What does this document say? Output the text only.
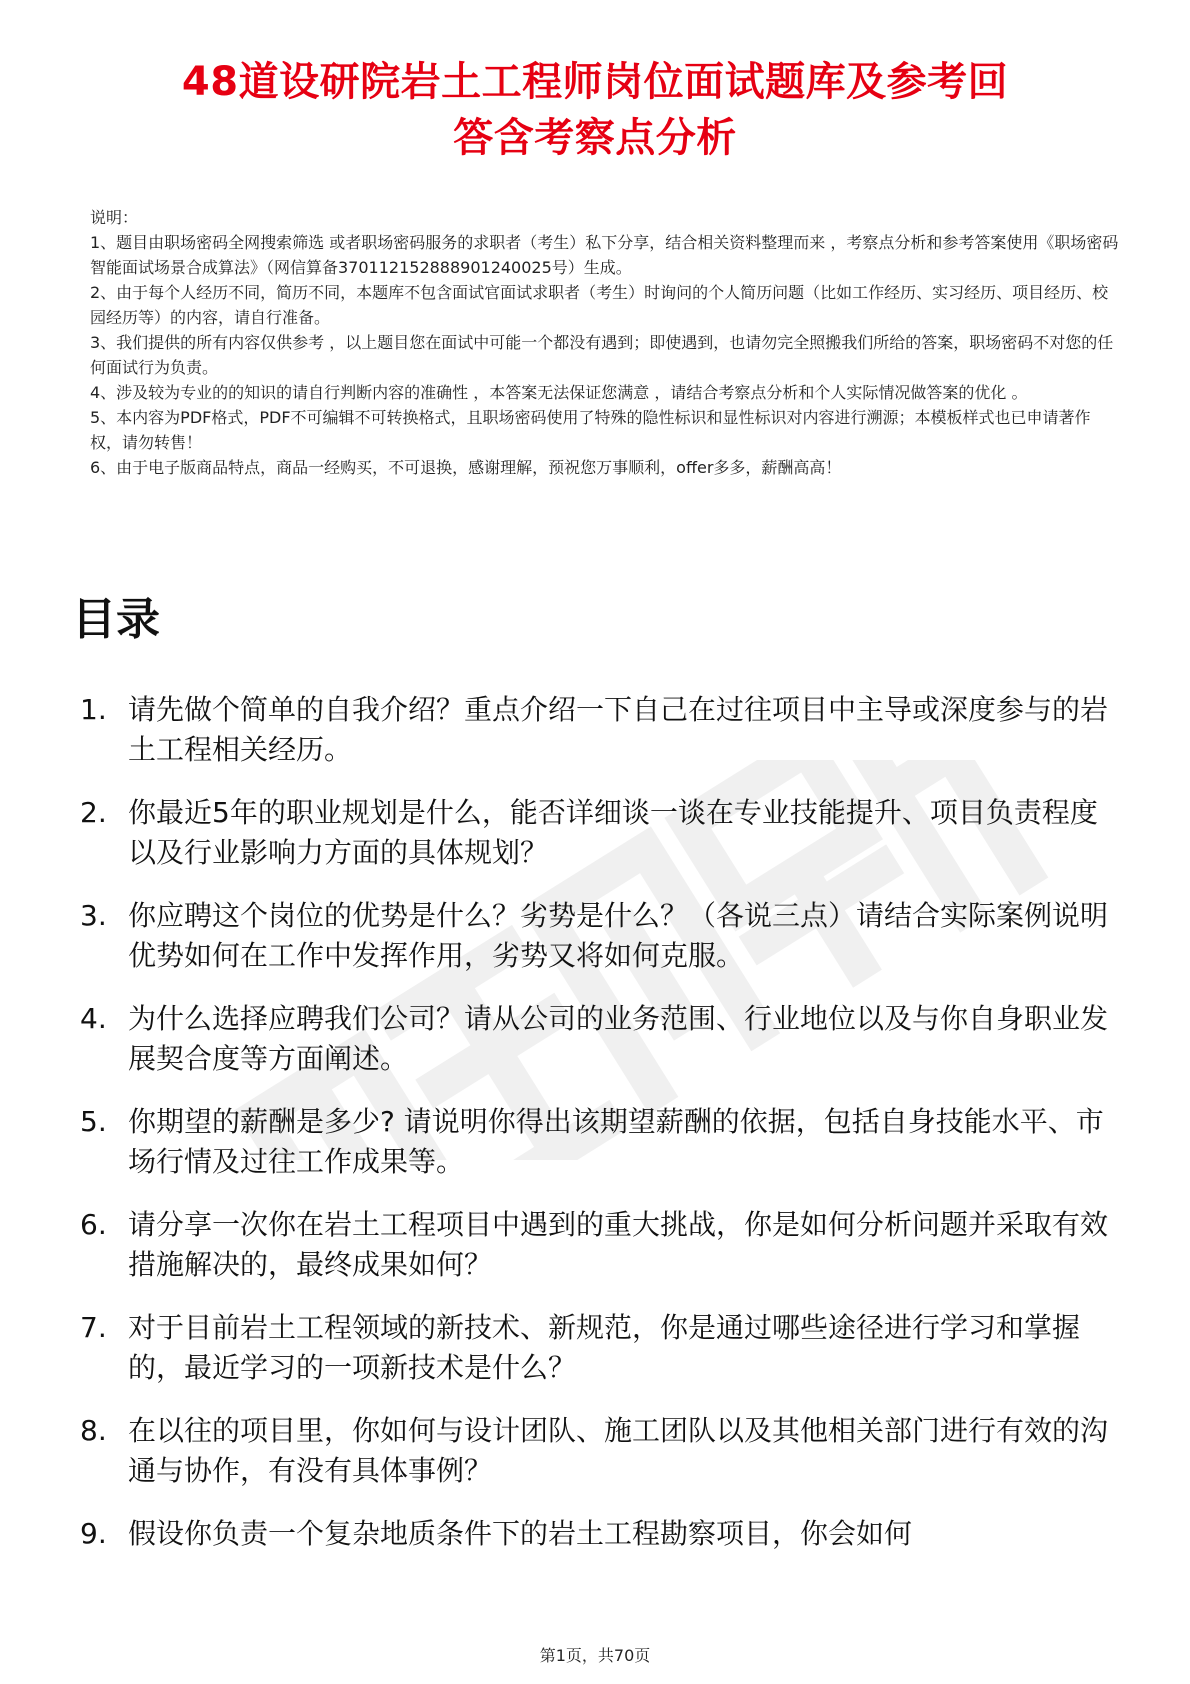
48道设研院岩土工程师岗位面试题库及参考回
答含考察点分析

说明：

1、题目由职场密码全网搜索筛选 或者职场密码服务的求职者（考生）私下分享，结合相关资料整理而来 ，考察点分析和参考答案使用《职场密码智能面试场景合成算法》（网信算备370112152888901240025号）生成。

2、由于每个人经历不同，简历不同，本题库不包含面试官面试求职者（考生）时询问的个人简历问题（比如工作经历、实习经历、项目经历、校园经历等）的内容，请自行准备。

3、我们提供的所有内容仅供参考 ，以上题目您在面试中可能一个都没有遇到；即使遇到，也请勿完全照搬我们所给的答案，职场密码不对您的任何面试行为负责。

4、涉及较为专业的的知识的请自行判断内容的准确性 ，本答案无法保证您满意 ，请结合考察点分析和个人实际情况做答案的优化 。

5、本内容为PDF格式，PDF不可编辑不可转换格式，且职场密码使用了特殊的隐性标识和显性标识对内容进行溯源；本模板样式也已申请著作权，请勿转售！

6、由于电子版商品特点，商品一经购买，不可退换，感谢理解，预祝您万事顺利，offer多多，薪酬高高！

目录
1. 请先做个简单的自我介绍？重点介绍一下自己在过往项目中主导或深度参与的岩土工程相关经历。
2. 你最近5年的职业规划是什么，能否详细谈一谈在专业技能提升、项目负责程度以及行业影响力方面的具体规划？
3. 你应聘这个岗位的优势是什么？劣势是什么？（各说三点）请结合实际案例说明优势如何在工作中发挥作用，劣势又将如何克服。
4. 为什么选择应聘我们公司？请从公司的业务范围、行业地位以及与你自身职业发展契合度等方面阐述。
5. 你期望的薪酬是多少? 请说明你得出该期望薪酬的依据，包括自身技能水平、市场行情及过往工作成果等。
6. 请分享一次你在岩土工程项目中遇到的重大挑战，你是如何分析问题并采取有效措施解决的，最终成果如何？
7. 对于目前岩土工程领域的新技术、新规范，你是通过哪些途径进行学习和掌握的，最近学习的一项新技术是什么？
8. 在以往的项目里，你如何与设计团队、施工团队以及其他相关部门进行有效的沟通与协作，有没有具体事例？
9. 假设你负责一个复杂地质条件下的岩土工程勘察项目，你会如何
第1页，共70页
